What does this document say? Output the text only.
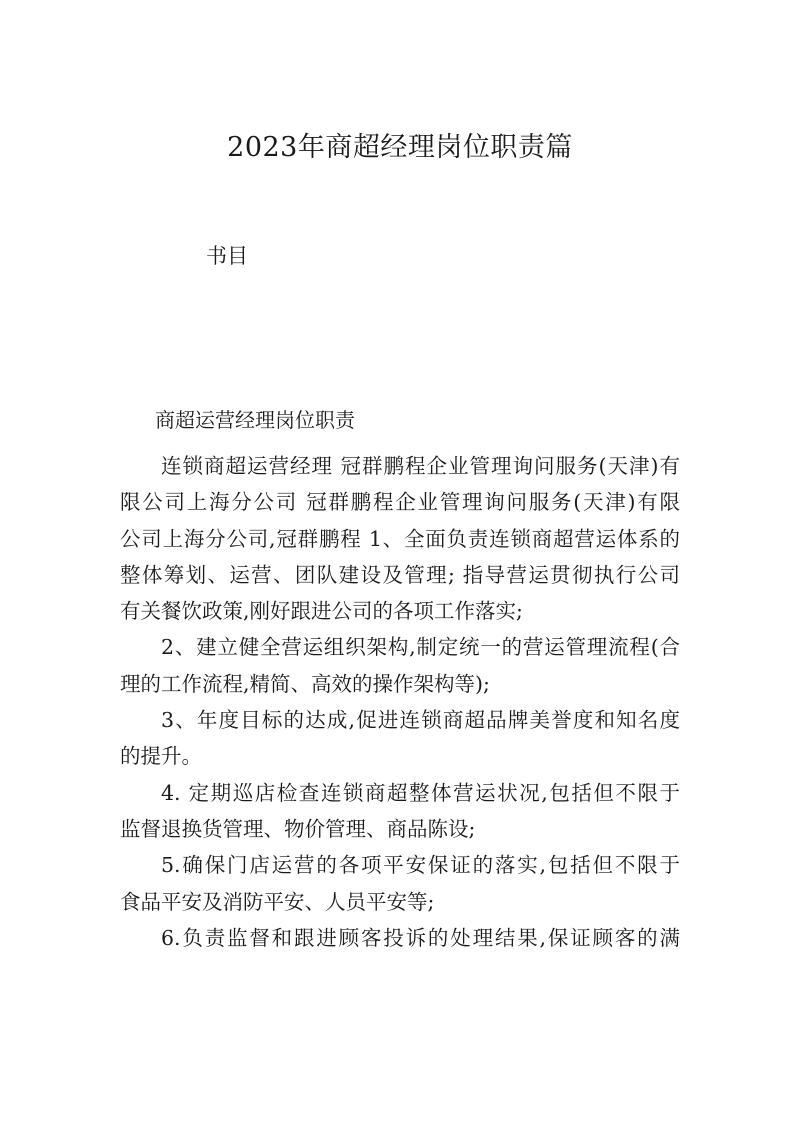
2023年商超经理岗位职责篇

书目

商超运营经理岗位职责
连锁商超运营经理 冠群鹏程企业管理询问服务(天津)有
限公司上海分公司 冠群鹏程企业管理询问服务(天津)有限
公司上海分公司,冠群鹏程 1、全面负责连锁商超营运体系的
整体筹划、运营、团队建设及管理; 指导营运贯彻执行公司
有关餐饮政策,刚好跟进公司的各项工作落实;
2、建立健全营运组织架构,制定统一的营运管理流程(合
理的工作流程,精简、高效的操作架构等);
3、年度目标的达成,促进连锁商超品牌美誉度和知名度
的提升。
4. 定期巡店检查连锁商超整体营运状况,包括但不限于
监督退换货管理、物价管理、商品陈设;
5.确保门店运营的各项平安保证的落实,包括但不限于
食品平安及消防平安、人员平安等;
6.负责监督和跟进顾客投诉的处理结果,保证顾客的满
